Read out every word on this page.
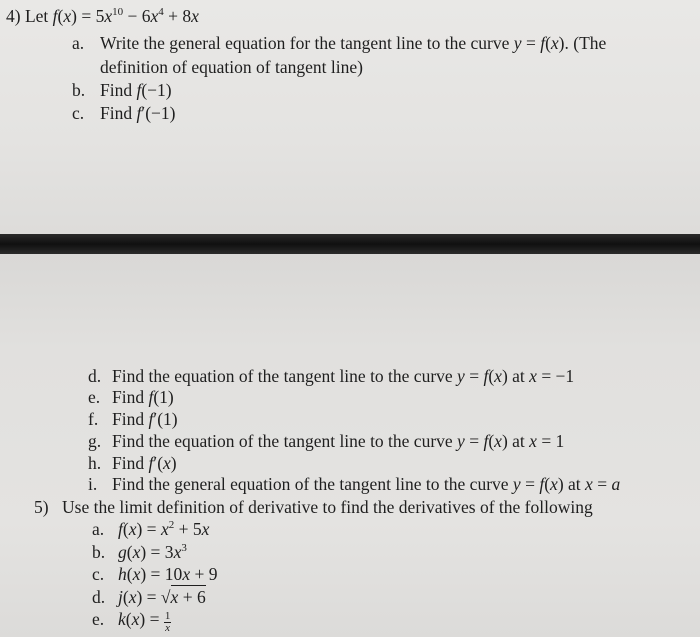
4) Let $f(x) = 5x^{10} - 6x^4 + 8x$
a. Write the general equation for the tangent line to the curve y = f(x). (The
definition of equation of tangent line)
b. Find f(−1)
c. Find f′(−1)
d. Find the equation of the tangent line to the curve y = f(x) at x = −1
e. Find f(1)
f. Find f′(1)
g. Find the equation of the tangent line to the curve y = f(x) at x = 1
h. Find f′(x)
i. Find the general equation of the tangent line to the curve y = f(x) at x = a
5) Use the limit definition of derivative to find the derivatives of the following
a. $f(x) = x^2 + 5x$
b. $g(x) = 3x^3$
c. h(x) = 10x + 9
d. j(x) = √x + 6
e. $k(x) = \frac{1}{x}$
